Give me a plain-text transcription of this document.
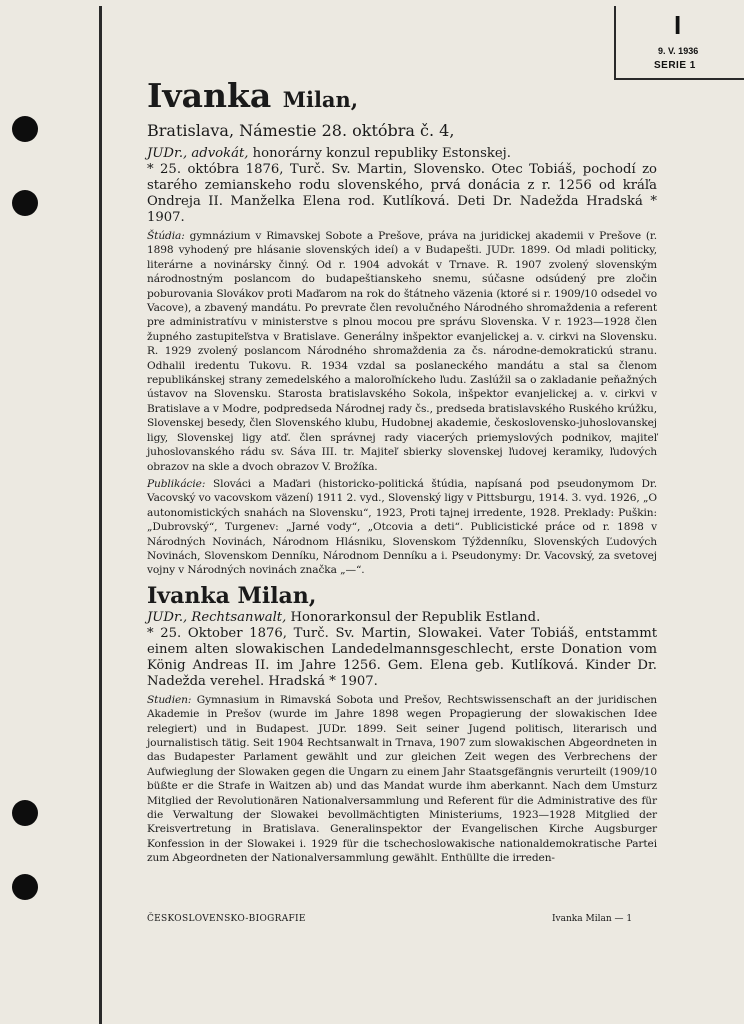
I
9. V. 1936
SERIE 1
Ivanka Milan,
Bratislava, Námestie 28. októbra č. 4,
JUDr., advokát, honorárny konzul republiky Estonskej.
* 25. októbra 1876, Turč. Sv. Martin, Slovensko. Otec Tobiáš, pochodí zo starého zemianskeho rodu slovenského, prvá donácia z r. 1256 od kráľa Ondreja II. Manželka Elena rod. Kutlíková. Deti Dr. Nadežda Hradská * 1907.
Štúdia: gymnázium v Rimavskej Sobote a Prešove, práva na juridickej akademii v Prešove (r. 1898 vyhodený pre hlásanie slovenských ideí) a v Budapešti. JUDr. 1899. Od mladi politicky, literárne a novinársky činný. Od r. 1904 advokát v Trnave. R. 1907 zvolený slovenským národnostným poslancom do budapeštianskeho snemu, súčasne odsúdený pre zločin poburovania Slovákov proti Maďarom na rok do štátneho väzenia (ktoré si r. 1909/10 odsedel vo Vacove), a zbavený mandátu. Po prevrate člen revolučného Národného shromaždenia a referent pre administratívu v ministerstve s plnou mocou pre správu Slovenska. V r. 1923—1928 člen župného zastupiteľstva v Bratislave. Generálny inšpektor evanjelickej a. v. cirkvi na Slovensku. R. 1929 zvolený poslancom Národného shromaždenia za čs. národne-demokratickú stranu. Odhalil iredentu Tukovu. R. 1934 vzdal sa poslaneckého mandátu a stal sa členom republikánskej strany zemedelského a maloroľníckeho ľudu. Zaslúžil sa o zakladanie peňažných ústavov na Slovensku. Starosta bratislavského Sokola, inšpektor evanjelickej a. v. cirkvi v Bratislave a v Modre, podpredseda Národnej rady čs., predseda bratislavského Ruského krúžku, Slovenskej besedy, člen Slovenského klubu, Hudobnej akademie, československo-juhoslovanskej ligy, Slovenskej ligy atď. člen správnej rady viacerých priemyslových podnikov, majiteľ juhoslovanského rádu sv. Sáva III. tr. Majiteľ sbierky slovenskej ľudovej keramiky, ľudových obrazov na skle a dvoch obrazov V. Brožíka.
Publikácie: Slováci a Maďari (historicko-politická štúdia, napísaná pod pseudonymom Dr. Vacovský vo vacovskom väzení) 1911 2. vyd., Slovenský ligy v Pittsburgu, 1914. 3. vyd. 1926, „O autonomistických snahách na Slovensku“, 1923, Proti tajnej irredente, 1928. Preklady: Puškin: „Dubrovský“, Turgenev: „Jarné vody“, „Otcovia a deti“. Publicistické práce od r. 1898 v Národných Novinách, Národnom Hlásniku, Slovenskom Týždenníku, Slovenských Ľudových Novinách, Slovenskom Denníku, Národnom Denníku a i. Pseudonymy: Dr. Vacovský, za svetovej vojny v Národných novinách značka „—“.
Ivanka Milan,
JUDr., Rechtsanwalt, Honorarkonsul der Republik Estland.
* 25. Oktober 1876, Turč. Sv. Martin, Slowakei. Vater Tobiáš, entstammt einem alten slowakischen Landedelmannsgeschlecht, erste Donation vom König Andreas II. im Jahre 1256. Gem. Elena geb. Kutlíková. Kinder Dr. Nadežda verehel. Hradská * 1907.
Studien: Gymnasium in Rimavská Sobota und Prešov, Rechtswissenschaft an der juridischen Akademie in Prešov (wurde im Jahre 1898 wegen Propagierung der slowakischen Idee relegiert) und in Budapest. JUDr. 1899. Seit seiner Jugend politisch, literarisch und journalistisch tätig. Seit 1904 Rechtsanwalt in Trnava, 1907 zum slowakischen Abgeordneten in das Budapester Parlament gewählt und zur gleichen Zeit wegen des Verbrechens der Aufwieglung der Slowaken gegen die Ungarn zu einem Jahr Staatsgefängnis verurteilt (1909/10 büßte er die Strafe in Waitzen ab) und das Mandat wurde ihm aberkannt. Nach dem Umsturz Mitglied der Revolutionären Nationalversammlung und Referent für die Administrative des für die Verwaltung der Slowakei bevollmächtigten Ministeriums, 1923—1928 Mitglied der Kreisvertretung in Bratislava. Generalinspektor der Evangelischen Kirche Augsburger Konfession in der Slowakei i. 1929 für die tschechoslowakische nationaldemokratische Partei zum Abgeordneten der Nationalversammlung gewählt. Enthüllte die irreden-
ČESKOSLOVENSKO-BIOGRAFIE	Ivanka Milan — 1
